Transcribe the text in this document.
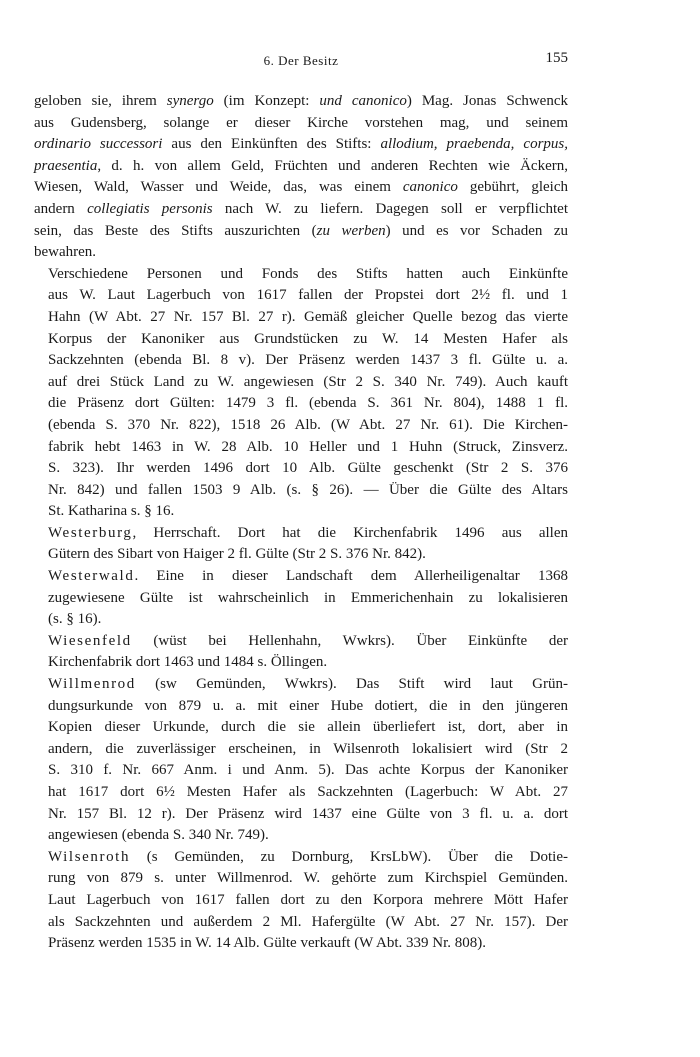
6. Der Besitz	155

geloben sie, ihrem synergo (im Konzept: und canonico) Mag. Jonas Schwenck
aus Gudensberg, solange er dieser Kirche vorstehen mag, und seinem
ordinario successori aus den Einkünften des Stifts: allodium, praebenda, corpus,
praesentia, d. h. von allem Geld, Früchten und anderen Rechten wie Äckern,
Wiesen, Wald, Wasser und Weide, das, was einem canonico gebührt, gleich
andern collegiatis personis nach W. zu liefern. Dagegen soll er verpflichtet
sein, das Beste des Stifts auszurichten (zu werben) und es vor Schaden zu
bewahren.

Verschiedene Personen und Fonds des Stifts hatten auch Einkünfte
aus W. Laut Lagerbuch von 1617 fallen der Propstei dort 2½ fl. und 1
Hahn (W Abt. 27 Nr. 157 Bl. 27 r). Gemäß gleicher Quelle bezog das vierte
Korpus der Kanoniker aus Grundstücken zu W. 14 Mesten Hafer als
Sackzehnten (ebenda Bl. 8 v). Der Präsenz werden 1437 3 fl. Gülte u. a.
auf drei Stück Land zu W. angewiesen (Str 2 S. 340 Nr. 749). Auch kauft
die Präsenz dort Gülten: 1479 3 fl. (ebenda S. 361 Nr. 804), 1488 1 fl.
(ebenda S. 370 Nr. 822), 1518 26 Alb. (W Abt. 27 Nr. 61). Die Kirchen-
fabrik hebt 1463 in W. 28 Alb. 10 Heller und 1 Huhn (Struck, Zinsverz.
S. 323). Ihr werden 1496 dort 10 Alb. Gülte geschenkt (Str 2 S. 376
Nr. 842) und fallen 1503 9 Alb. (s. § 26). — Über die Gülte des Altars
St. Katharina s. § 16.

Westerburg, Herrschaft. Dort hat die Kirchenfabrik 1496 aus allen
Gütern des Sibart von Haiger 2 fl. Gülte (Str 2 S. 376 Nr. 842).

Westerwald. Eine in dieser Landschaft dem Allerheiligenaltar 1368
zugewiesene Gülte ist wahrscheinlich in Emmerichenhain zu lokalisieren
(s. § 16).

Wiesenfeld (wüst bei Hellenhahn, Wwkrs). Über Einkünfte der
Kirchenfabrik dort 1463 und 1484 s. Öllingen.

Willmenrod (sw Gemünden, Wwkrs). Das Stift wird laut Grün-
dungsurkunde von 879 u. a. mit einer Hube dotiert, die in den jüngeren
Kopien dieser Urkunde, durch die sie allein überliefert ist, dort, aber in
andern, die zuverlässiger erscheinen, in Wilsenroth lokalisiert wird (Str 2
S. 310 f. Nr. 667 Anm. i und Anm. 5). Das achte Korpus der Kanoniker
hat 1617 dort 6½ Mesten Hafer als Sackzehnten (Lagerbuch: W Abt. 27
Nr. 157 Bl. 12 r). Der Präsenz wird 1437 eine Gülte von 3 fl. u. a. dort
angewiesen (ebenda S. 340 Nr. 749).

Wilsenroth (s Gemünden, zu Dornburg, KrsLbW). Über die Dotie-
rung von 879 s. unter Willmenrod. W. gehörte zum Kirchspiel Gemünden.
Laut Lagerbuch von 1617 fallen dort zu den Korpora mehrere Mött Hafer
als Sackzehnten und außerdem 2 Ml. Hafergülte (W Abt. 27 Nr. 157). Der
Präsenz werden 1535 in W. 14 Alb. Gülte verkauft (W Abt. 339 Nr. 808).
